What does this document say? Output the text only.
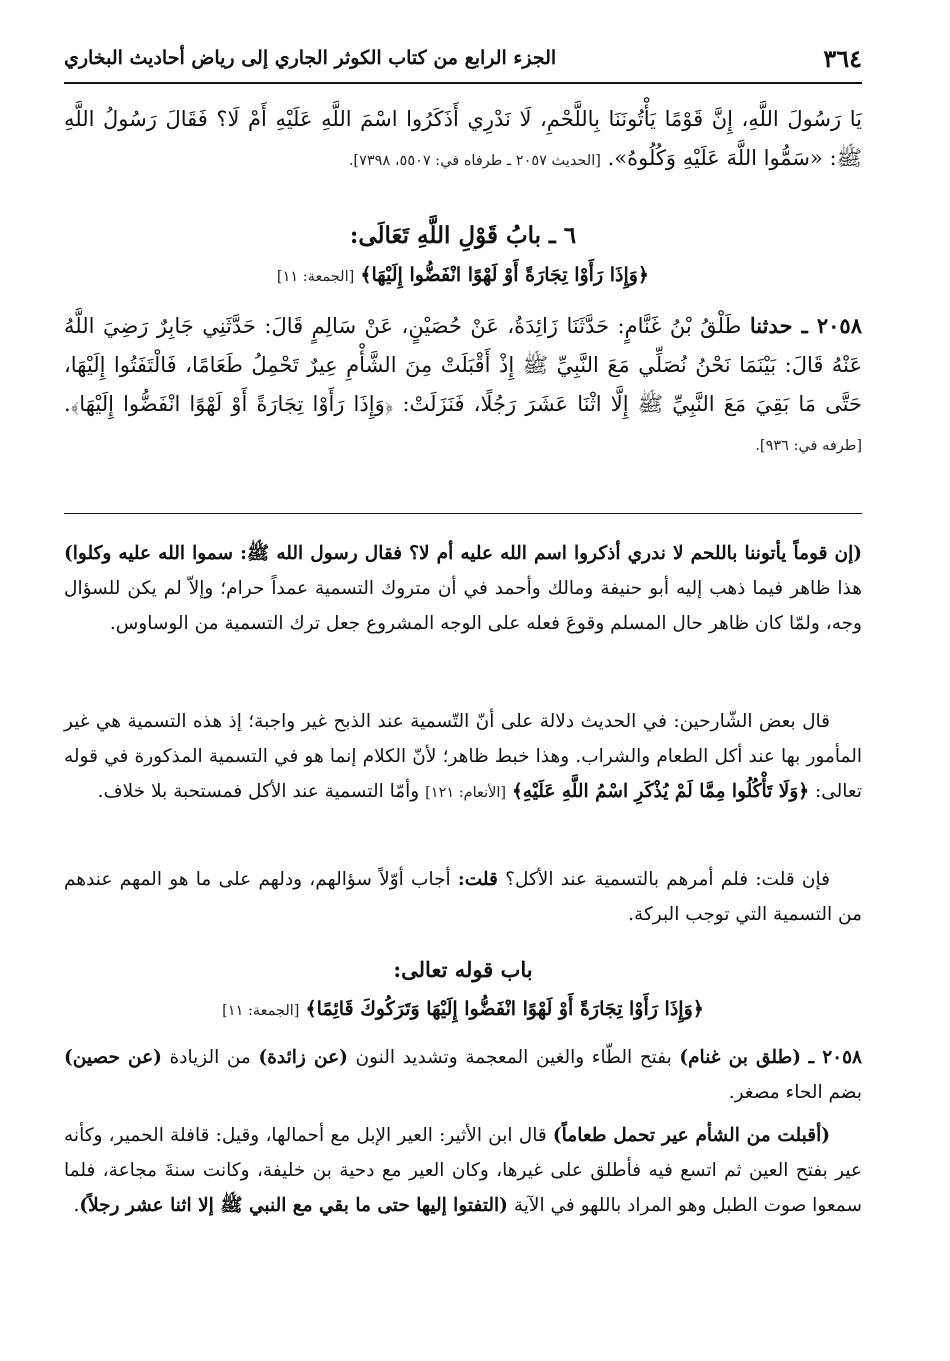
٣٦٤
الجزء الرابع من كتاب الكوثر الجاري إلى رياض أحاديث البخاري
يَا رَسُولَ اللَّهِ، إِنَّ قَوْمًا يَأْتُونَنَا بِاللَّحْمِ، لَا نَدْرِي أَذَكَرُوا اسْمَ اللَّهِ عَلَيْهِ أَمْ لَا؟ فَقَالَ رَسُولُ اللَّهِ ﷺ: «سَمُّوا اللَّهَ عَلَيْهِ وَكُلُوهُ». [الحديث ٢٠٥٧ ـ طرفاه في: ٥٥٠٧، ٧٣٩٨].
٦ ـ بابُ قَوْلِ اللَّهِ تَعَالَى:
﴿وَإِذَا رَأَوْا تِجَارَةً أَوْ لَهْوًا انْفَضُّوا إِلَيْهَا﴾ [الجمعة: ١١]
٢٠٥٨ ـ حدثنا طَلْقُ بْنُ غَنَّامٍ: حَدَّثَنَا زَائِدَةُ، عَنْ حُصَيْنٍ، عَنْ سَالِمٍ قَالَ: حَدَّثَنِي جَابِرٌ رَضِيَ اللَّهُ عَنْهُ قَالَ: بَيْنَمَا نَحْنُ نُصَلِّي مَعَ النَّبِيِّ ﷺ إِذْ أَقْبَلَتْ مِنَ الشَّأْمِ عِيرٌ تَحْمِلُ طَعَامًا، فَالْتَفَتُوا إِلَيْهَا، حَتَّى مَا بَقِيَ مَعَ النَّبِيِّ ﷺ إِلَّا اثْنَا عَشَرَ رَجُلًا، فَنَزَلَتْ: ﴿وَإِذَا رَأَوْا تِجَارَةً أَوْ لَهْوًا انْفَضُّوا إِلَيْهَا﴾. [طرفه في: ٩٣٦].
(إن قوماً يأتوننا باللحم لا ندري أذكروا اسم الله عليه أم لا؟ فقال رسول الله ﷺ: سموا الله عليه وكلوا) هذا ظاهر فيما ذهب إليه أبو حنيفة ومالك وأحمد في أن متروك التسمية عمداً حرام؛ وإلاّ لم يكن للسؤال وجه، ولمّا كان ظاهر حال المسلم وقوعَ فعله على الوجه المشروع جعل ترك التسمية من الوساوس.
قال بعض الشّارحين: في الحديث دلالة على أنّ التّسمية عند الذبح غير واجبة؛ إذ هذه التسمية هي غير المأمور بها عند أكل الطعام والشراب. وهذا خبط ظاهر؛ لأنّ الكلام إنما هو في التسمية المذكورة في قوله تعالى: ﴿وَلَا تَأْكُلُوا مِمَّا لَمْ يُذْكَرِ اسْمُ اللَّهِ عَلَيْهِ﴾ [الأنعام: ١٢١] وأمّا التسمية عند الأكل فمستحبة بلا خلاف.
فإن قلت: فلم أمرهم بالتسمية عند الأكل؟ قلت: أجاب أوّلاً سؤالهم، ودلهم على ما هو المهم عندهم من التسمية التي توجب البركة.
باب قوله تعالى:
﴿وَإِذَا رَأَوْا تِجَارَةً أَوْ لَهْوًا انْفَضُّوا إِلَيْهَا وَتَرَكُوكَ قَائِمًا﴾ [الجمعة: ١١]
٢٠٥٨ ـ (طلق بن غنام) بفتح الطّاء والغين المعجمة وتشديد النون (عن زائدة) من الزيادة (عن حصين) بضم الحاء مصغر.
(أقبلت من الشأم عير تحمل طعاماً) قال ابن الأثير: العير الإبل مع أحمالها، وقيل: قافلة الحمير، وكأنه عير بفتح العين ثم اتسع فيه فأطلق على غيرها، وكان العير مع دحية بن خليفة، وكانت سنةَ مجاعة، فلما سمعوا صوت الطبل وهو المراد باللهو في الآية (التفتوا إليها حتى ما بقي مع النبي ﷺ إلا اثنا عشر رجلاً).
